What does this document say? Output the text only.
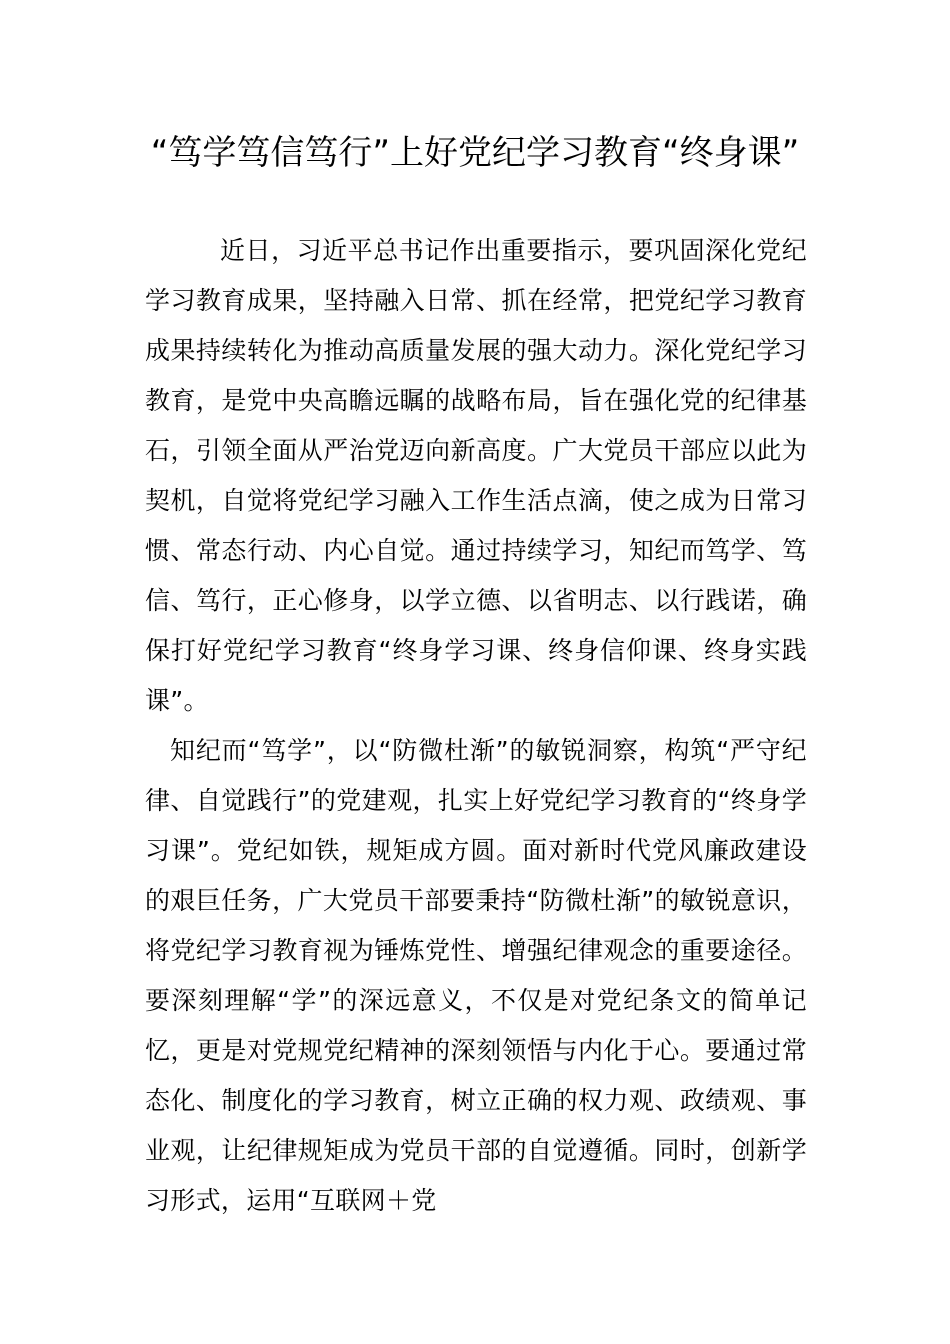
“笃学笃信笃行”上好党纪学习教育“终身课”

近日，习近平总书记作出重要指示，要巩固深化党纪学习教育成果，坚持融入日常、抓在经常，把党纪学习教育成果持续转化为推动高质量发展的强大动力。深化党纪学习教育，是党中央高瞻远瞩的战略布局，旨在强化党的纪律基石，引领全面从严治党迈向新高度。广大党员干部应以此为契机，自觉将党纪学习融入工作生活点滴，使之成为日常习惯、常态行动、内心自觉。通过持续学习，知纪而笃学、笃信、笃行，正心修身，以学立德、以省明志、以行践诺，确保打好党纪学习教育“终身学习课、终身信仰课、终身实践课”。

知纪而“笃学”，以“防微杜渐”的敏锐洞察，构筑“严守纪律、自觉践行”的党建观，扎实上好党纪学习教育的“终身学习课”。党纪如铁，规矩成方圆。面对新时代党风廉政建设的艰巨任务，广大党员干部要秉持“防微杜渐”的敏锐意识，将党纪学习教育视为锤炼党性、增强纪律观念的重要途径。要深刻理解“学”的深远意义，不仅是对党纪条文的简单记忆，更是对党规党纪精神的深刻领悟与内化于心。要通过常态化、制度化的学习教育，树立正确的权力观、政绩观、事业观，让纪律规矩成为党员干部的自觉遵循。同时，创新学习形式，运用“互联网＋党
